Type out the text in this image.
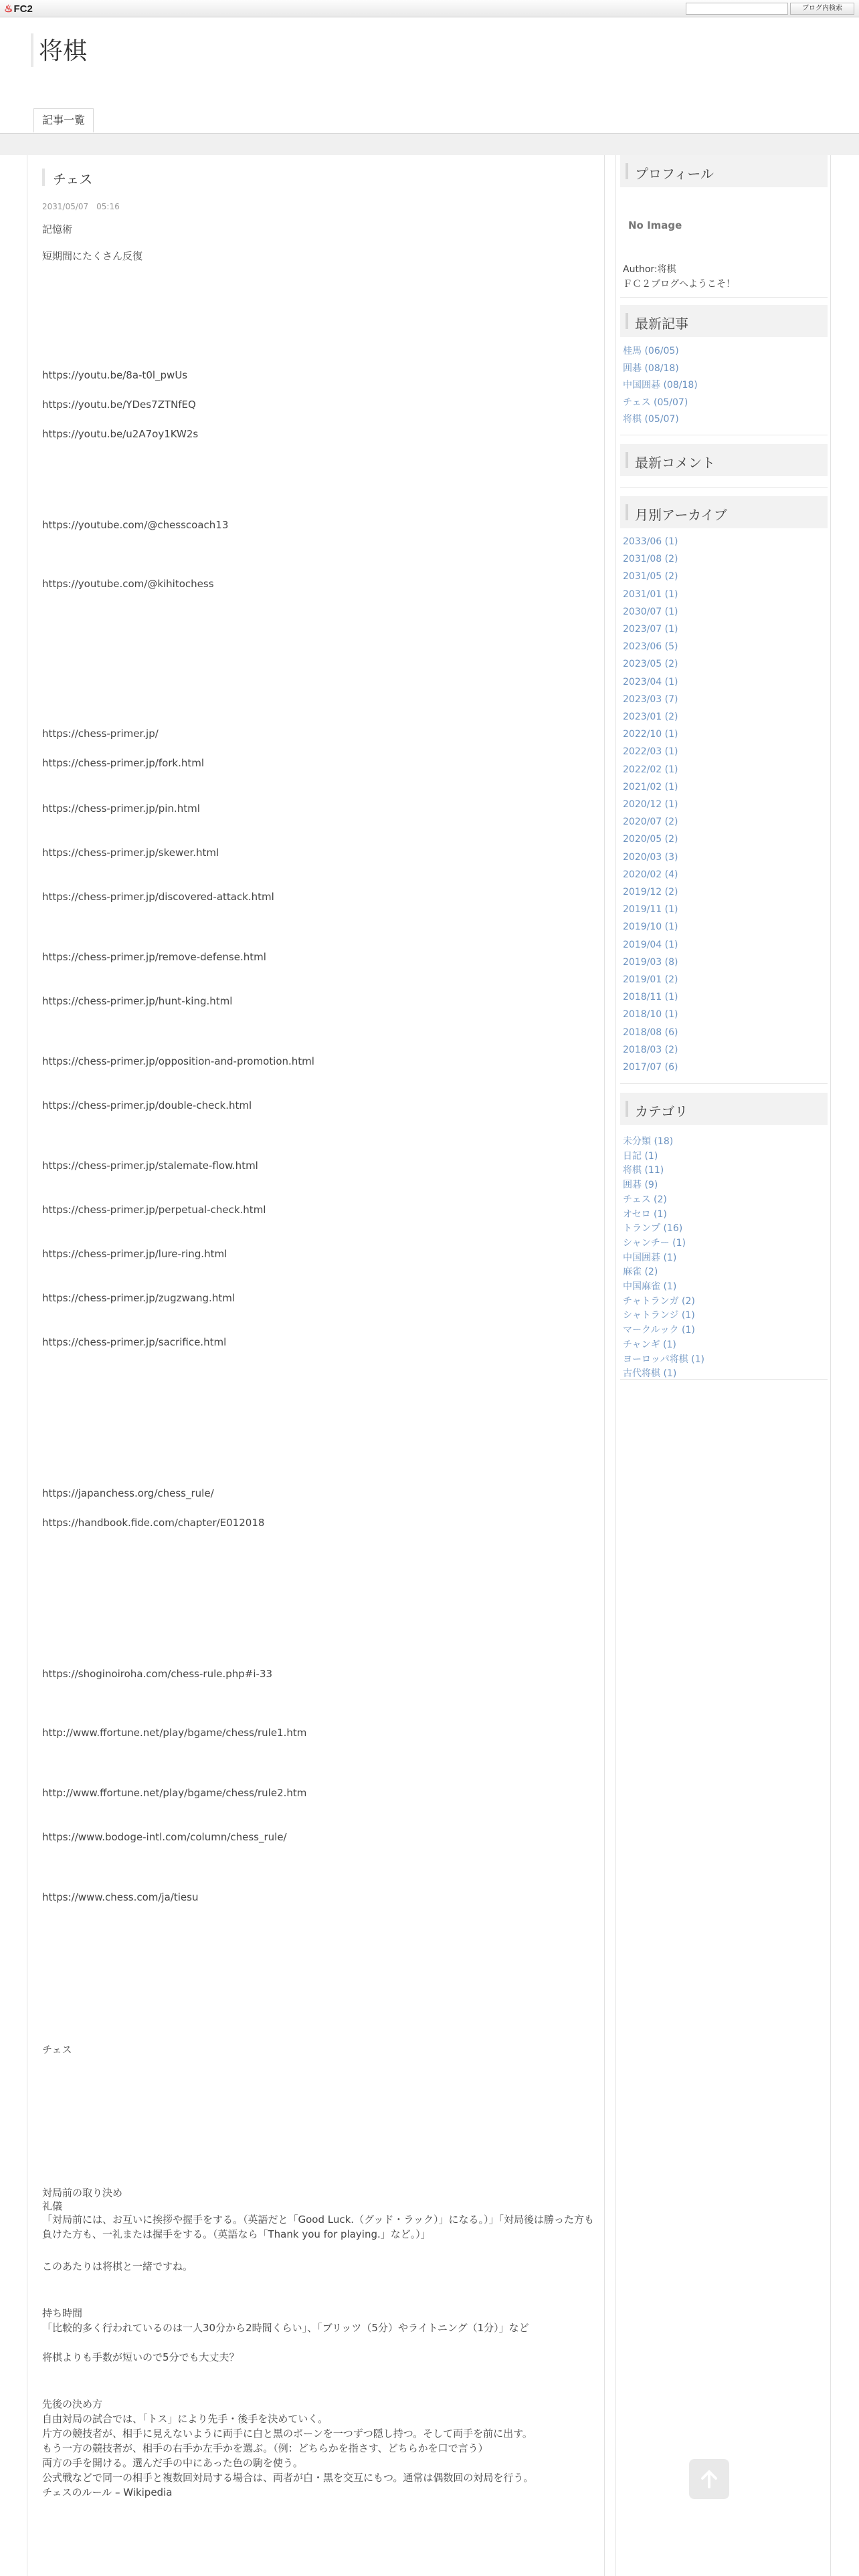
♨FC2	ブログ内検索
将棋
記事一覧
チェス
2031/05/07　05:16
記憶術
短期間にたくさん反復
https://youtu.be/8a-t0l_pwUs
https://youtu.be/YDes7ZTNfEQ
https://youtu.be/u2A7oy1KW2s
https://youtube.com/@chesscoach13
https://youtube.com/@kihitochess
https://chess-primer.jp/
https://chess-primer.jp/fork.html
https://chess-primer.jp/pin.html
https://chess-primer.jp/skewer.html
https://chess-primer.jp/discovered-attack.html
https://chess-primer.jp/remove-defense.html
https://chess-primer.jp/hunt-king.html
https://chess-primer.jp/opposition-and-promotion.html
https://chess-primer.jp/double-check.html
https://chess-primer.jp/stalemate-flow.html
https://chess-primer.jp/perpetual-check.html
https://chess-primer.jp/lure-ring.html
https://chess-primer.jp/zugzwang.html
https://chess-primer.jp/sacrifice.html
https://japanchess.org/chess_rule/
https://handbook.fide.com/chapter/E012018
https://shoginoiroha.com/chess-rule.php#i-33
http://www.ffortune.net/play/bgame/chess/rule1.htm
http://www.ffortune.net/play/bgame/chess/rule2.htm
https://www.bodoge-intl.com/column/chess_rule/
https://www.chess.com/ja/tiesu
チェス
対局前の取り決め
礼儀
「対局前には、お互いに挨拶や握手をする。（英語だと「Good Luck.（グッド・ラック）」になる。）」「対局後は勝った方も負けた方も、一礼または握手をする。（英語なら「Thank you for playing.」など。）」
このあたりは将棋と一緒ですね。
持ち時間
「比較的多く行われているのは一人30分から2時間くらい」、「ブリッツ（5分）やライトニング（1分）」など
将棋よりも手数が短いので5分でも大丈夫？
先後の決め方
自由対局の試合では、「トス」により先手・後手を決めていく。
片方の競技者が、相手に見えないように両手に白と黒のポーンを一つずつ隠し持つ。そして両手を前に出す。
もう一方の競技者が、相手の右手か左手かを選ぶ。（例：どちらかを指さす、どちらかを口で言う）
両方の手を開ける。選んだ手の中にあった色の駒を使う。
公式戦などで同一の相手と複数回対局する場合は、両者が白・黒を交互にもつ。通常は偶数回の対局を行う。
チェスのルール – Wikipedia
プロフィール
No Image
Author:将棋
ＦＣ２ブログへようこそ！
最新記事
桂馬 (06/05)
囲碁 (08/18)
中国囲碁 (08/18)
チェス (05/07)
将棋 (05/07)
最新コメント
月別アーカイブ
2033/06 (1)
2031/08 (2)
2031/05 (2)
2031/01 (1)
2030/07 (1)
2023/07 (1)
2023/06 (5)
2023/05 (2)
2023/04 (1)
2023/03 (7)
2023/01 (2)
2022/10 (1)
2022/03 (1)
2022/02 (1)
2021/02 (1)
2020/12 (1)
2020/07 (2)
2020/05 (2)
2020/03 (3)
2020/02 (4)
2019/12 (2)
2019/11 (1)
2019/10 (1)
2019/04 (1)
2019/03 (8)
2019/01 (2)
2018/11 (1)
2018/10 (1)
2018/08 (6)
2018/03 (2)
2017/07 (6)
カテゴリ
未分類 (18)
日記 (1)
将棋 (11)
囲碁 (9)
チェス (2)
オセロ (1)
トランプ (16)
シャンチー (1)
中国囲碁 (1)
麻雀 (2)
中国麻雀 (1)
チャトランガ (2)
シャトランジ (1)
マークルック (1)
チャンギ (1)
ヨーロッパ将棋 (1)
古代将棋 (1)
